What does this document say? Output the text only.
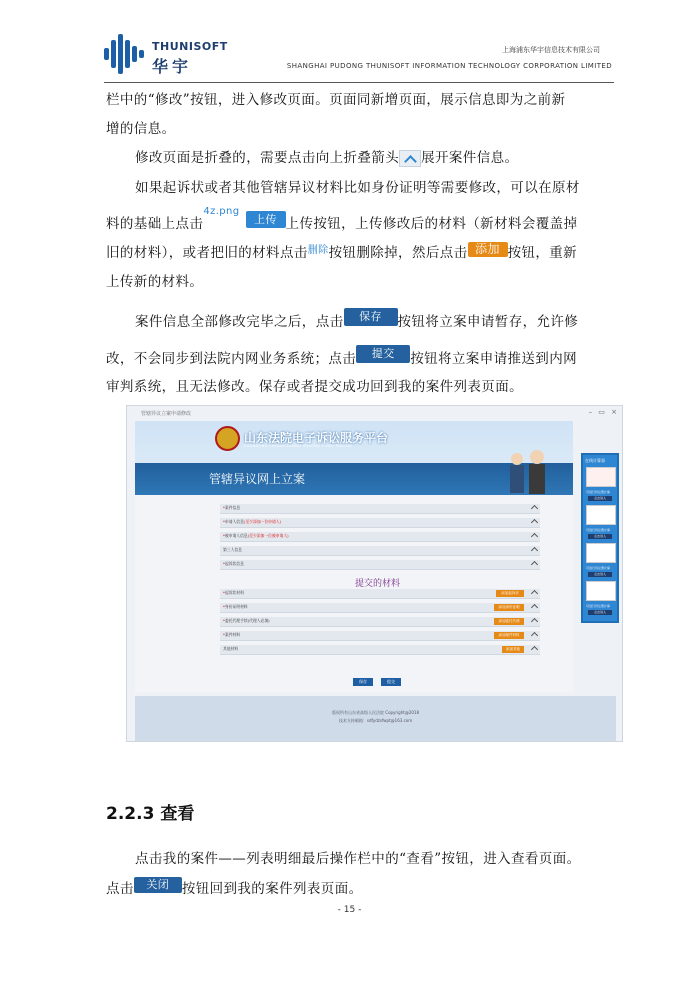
THUNISOFT
华宇
上海浦东华宇信息技术有限公司
SHANGHAI PUDONG THUNISOFT INFORMATION TECHNOLOGY CORPORATION LIMITED
栏中的“修改”按钮，进入修改页面。页面同新增页面，展示信息即为之前新
增的信息。
修改页面是折叠的，需要点击向上折叠箭头 展开案件信息。
如果起诉状或者其他管辖异议材料比如身份证明等需要修改，可以在原材
料的基础上点击$^{4z.png}$上传 上传按钮，上传修改后的材料（新材料会覆盖掉
旧的材料），或者把旧的材料点击$^{删除}$按钮删除掉，然后点击 添加 按钮，重新
上传新的材料。
案件信息全部修改完毕之后，点击 保存 按钮将立案申请暂存，允许修
改，不会同步到法院内网业务系统；点击 提交 按钮将立案申请推送到内网
审判系统，且无法修改。保存或者提交成功回到我的案件列表页面。
管辖异议立案申请修改	– ▭ ×
山东法院电子诉讼服务平台
SHANDONG FAYUAN DIANZI SUSONG FUWU PINGTAI
管辖异议网上立案
*案件信息
*申请人信息(至少添加一位申请人)
*被申请人信息(至少添加一位被申请人)
第三人信息
*起诉状信息
提交的材料
*起诉状材料	添加起诉状
*身份证明材料	添加身份证明
*委托代理手续(代理人必填)	添加委托代理
*案件材料	添加案件材料
其他材料	添加其他
保存	提交
版权所有山东省高级人民法院 Copyright@2018
技术支持邮箱：sdfydzsfwpt@163.com
在线计算器
可进行诉讼费计算
点击进入
可进行诉讼费计算
点击进入
可进行诉讼费计算
点击进入
可进行诉讼费计算
点击进入
2.2.3 查看
点击我的案件——列表明细最后操作栏中的“查看”按钮，进入查看页面。
点击 关闭 按钮回到我的案件列表页面。
- 15 -
